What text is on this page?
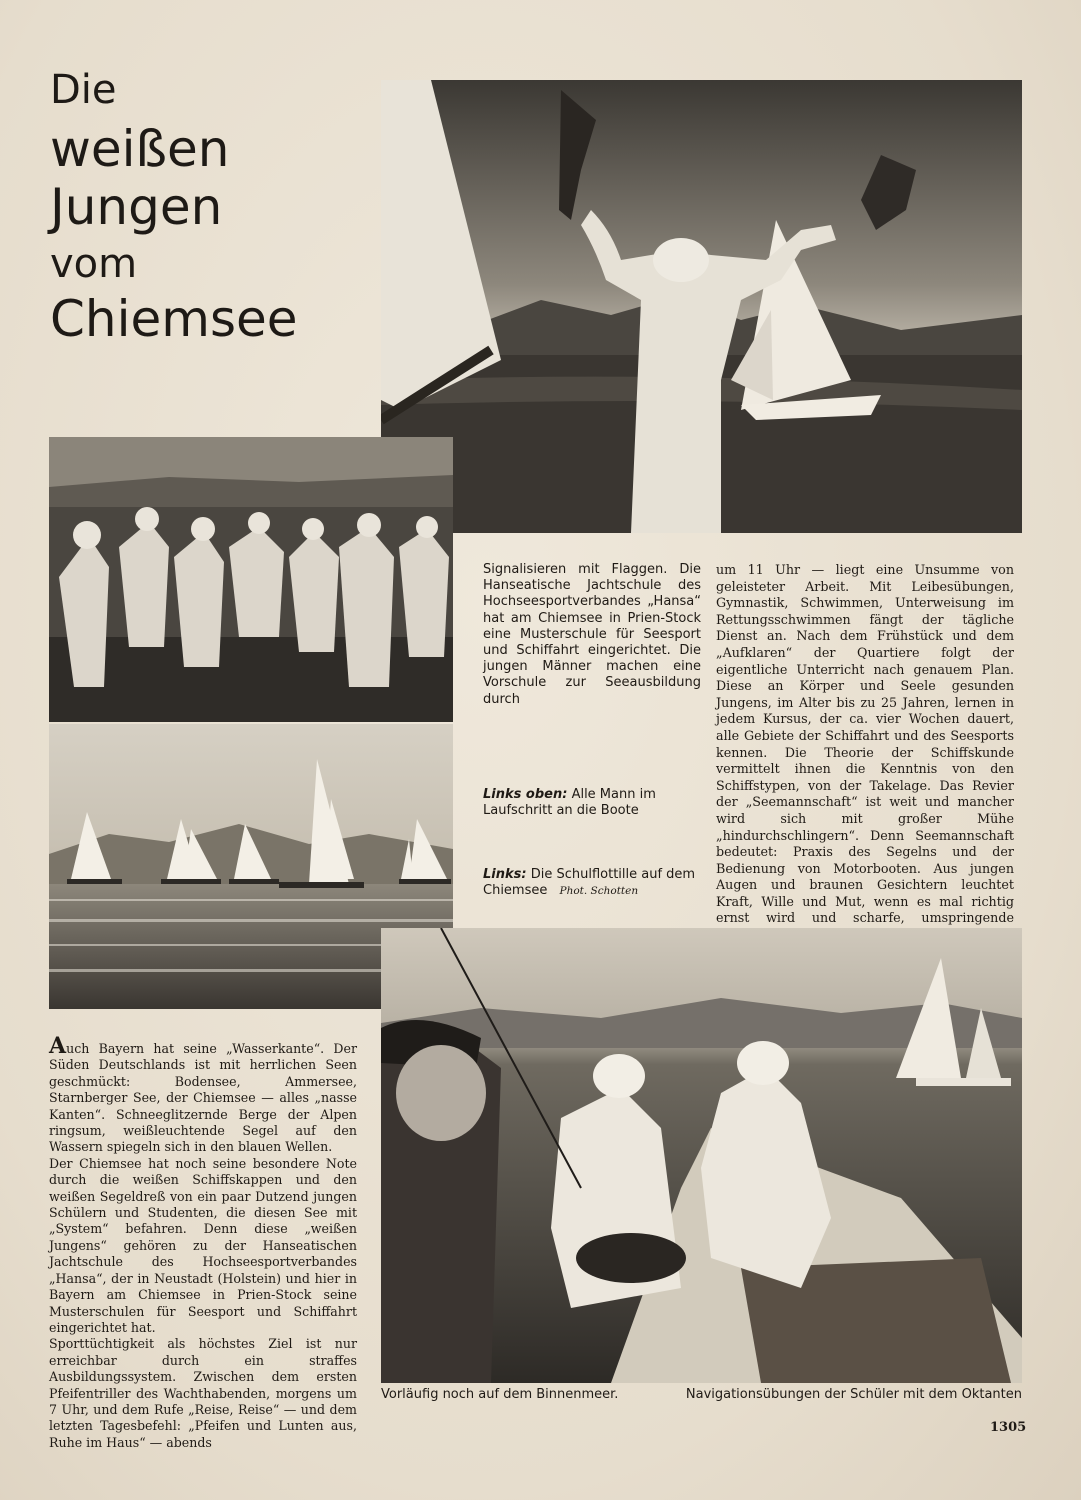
Die
weißen
Jungen
vom
Chiemsee

Signalisieren mit Flaggen. Die Hanseatische Jachtschule des Hochseesportverbandes „Hansa“ hat am Chiemsee in Prien-Stock eine Musterschule für Seesport und Schiffahrt eingerichtet. Die jungen Männer machen eine Vorschule zur Seeausbildung durch

Links oben: Alle Mann im Laufschritt an die Boote
Links: Die Schulflottille auf dem Chiemsee Phot. Schotten

um 11 Uhr — liegt eine Unsumme von geleisteter Arbeit. Mit Leibesübungen, Gymnastik, Schwimmen, Unterweisung im Rettungsschwimmen fängt der tägliche Dienst an. Nach dem Frühstück und dem „Aufklaren“ der Quartiere folgt der eigentliche Unterricht nach genauem Plan. Diese an Körper und Seele gesunden Jungens, im Alter bis zu 25 Jahren, lernen in jedem Kursus, der ca. vier Wochen dauert, alle Gebiete der Schiffahrt und des Seesports kennen. Die Theorie der Schiffskunde vermittelt ihnen die Kenntnis von den Schiffstypen, von der Takelage. Das Revier der „Seemannschaft“ ist weit und mancher wird sich mit großer Mühe „hindurchschlingern“. Denn Seemannschaft bedeutet: Praxis des Segelns und der Bedienung von Motorbooten. Aus jungen Augen und braunen Gesichtern leuchtet Kraft, Wille und Mut, wenn es mal richtig ernst wird und scharfe, umspringende

Auch Bayern hat seine „Wasserkante“. Der Süden Deutschlands ist mit herrlichen Seen geschmückt: Bodensee, Ammersee, Starnberger See, der Chiemsee — alles „nasse Kanten“. Schneeglitzernde Berge der Alpen ringsum, weißleuchtende Segel auf den Wassern spiegeln sich in den blauen Wellen.

Der Chiemsee hat noch seine besondere Note durch die weißen Schiffskappen und den weißen Segeldreß von ein paar Dutzend jungen Schülern und Studenten, die diesen See mit „System“ befahren. Denn diese „weißen Jungens“ gehören zu der Hanseatischen Jachtschule des Hochseesportverbandes „Hansa“, der in Neustadt (Holstein) und hier in Bayern am Chiemsee in Prien-Stock seine Musterschulen für Seesport und Schiffahrt eingerichtet hat.

Sporttüchtigkeit als höchstes Ziel ist nur erreichbar durch ein straffes Ausbildungssystem. Zwischen dem ersten Pfeifentriller des Wachthabenden, morgens um 7 Uhr, und dem Rufe „Reise, Reise“ — und dem letzten Tagesbefehl: „Pfeifen und Lunten aus, Ruhe im Haus“ — abends

Vorläufig noch auf dem Binnenmeer.	Navigationsübungen der Schüler mit dem Oktanten
1305
